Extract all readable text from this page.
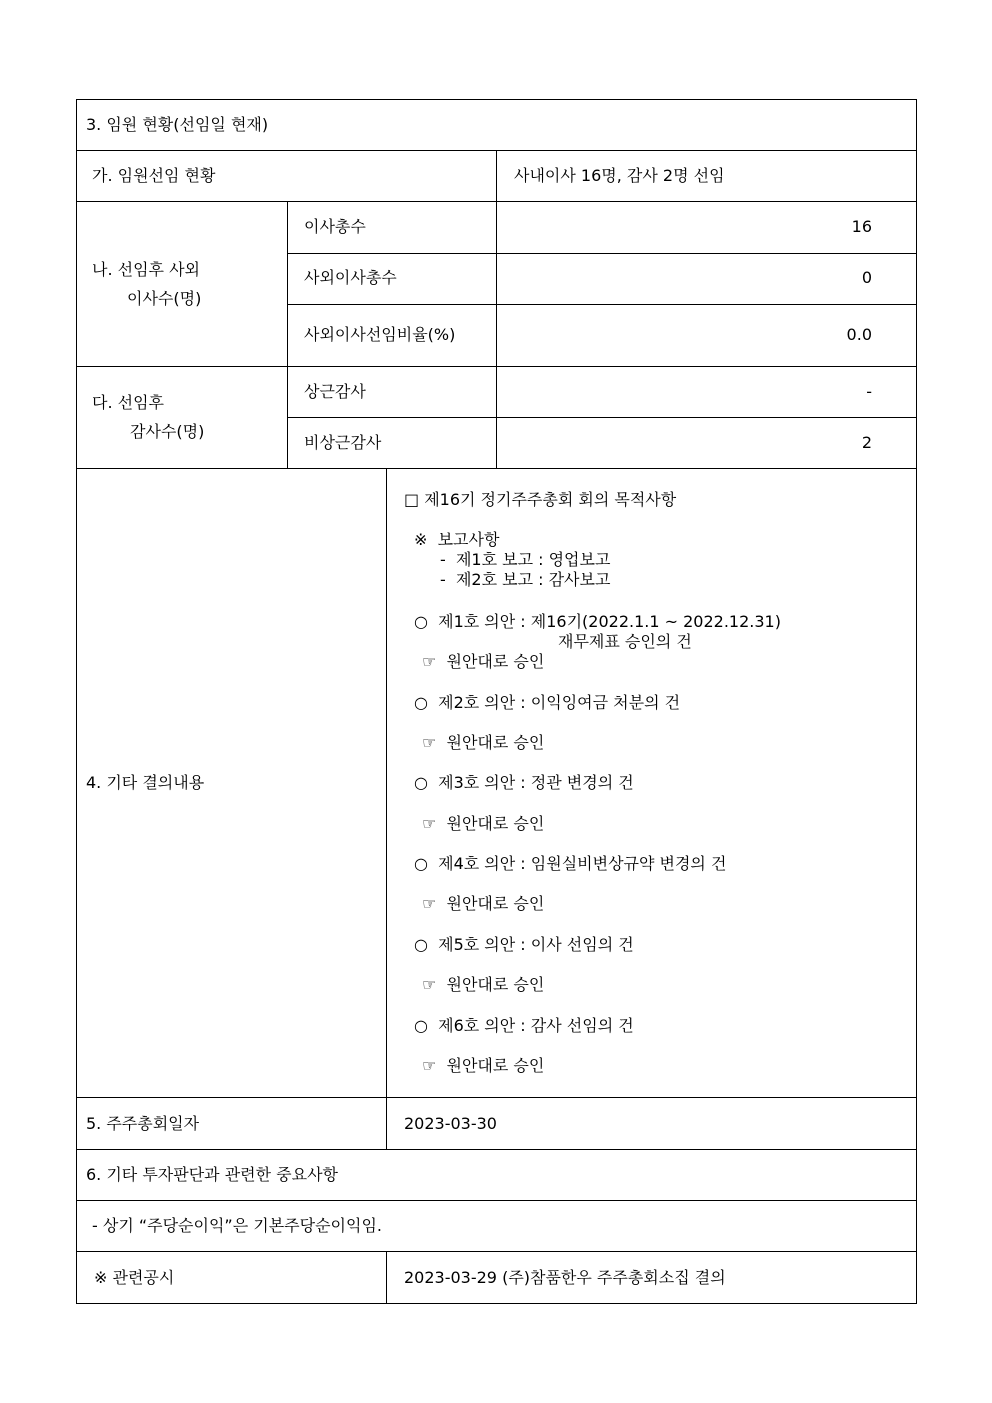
3. 임원 현황(선임일 현재)
가. 임원선임 현황	사내이사 16명, 감사 2명 선임
나. 선임후 사외
이사수(명)
이사총수	16
사외이사총수	0
사외이사선임비율(%)	0.0
다. 선임후
감사수(명)
상근감사	-
비상근감사	2
4. 기타 결의내용
□ 제16기 정기주주총회 회의 목적사항
※  보고사항
-  제1호 보고 : 영업보고
-  제2호 보고 : 감사보고
○  제1호 의안 : 제16기(2022.1.1 ~ 2022.12.31)
재무제표 승인의 건
☞  원안대로 승인
○  제2호 의안 : 이익잉여금 처분의 건
☞  원안대로 승인
○  제3호 의안 : 정관 변경의 건
☞  원안대로 승인
○  제4호 의안 : 임원실비변상규약 변경의 건
☞  원안대로 승인
○  제5호 의안 : 이사 선임의 건
☞  원안대로 승인
○  제6호 의안 : 감사 선임의 건
☞  원안대로 승인
5. 주주총회일자	2023-03-30
6. 기타 투자판단과 관련한 중요사항
- 상기 “주당순이익”은 기본주당순이익임.
※ 관련공시	2023-03-29 (주)참품한우 주주총회소집 결의
